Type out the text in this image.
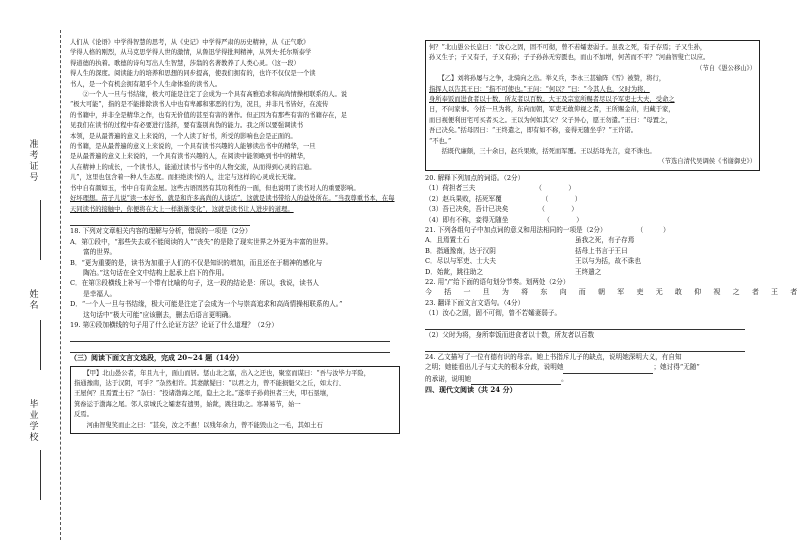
准考证号
姓名
毕业学校

人们从《论语》中学得智慧的思考，从《史记》中学得严肃的历史精神，从《正气歌》

学得人格的刚烈，从马克思学得人世的激情，从鲁迅学得批判精神，从列夫·托尔斯泰学

得道德的执着。歌德的诗句写出人生智慧，莎翁的名著教养了人类心灵。（这一段）

得人生的深度。阅读能力的培养和思想的同步提高，使我们拥有的，也许不仅仅是一个读

书人，是一个有机会拥有超乎个人生命体验的读书人。

　　②一个人一旦与书结缘，极大可能是注定了会成为一个具有高雅追求和高尚情操相联系的人。说

“极大可能”，指的是不能排除读书人中也有卑鄙和邪恶的行为，况且，并非凡书皆好，在流传

的书籍中，并非全是精华之作，也有无价值的甚至有害的著作。但正因为有那些有害的书籍存在，足

见我们在读书的过程中有必要进行选择，要有鉴别真伪的能力。我之所以要强调读书

本领，是从最普遍的意义上来说的，一个人读了好书，所受的影响也会是正面的。

的书籍，是从最普遍的意义上来说的，一个具有读书兴趣的人能够读出书中的精华，一旦

是从最普遍的意义上来说的，一个具有读书兴趣的人，在阅读中能领略到书中的精华，

人在精神上的成长，一个读书人，能通过读书与书中的人物交流，从而得到心灵的启迪。

儿”，这里也包含着一种人生态度。而拒绝读书的人，注定与这样的心灵成长无缘。

书中自有颜如玉，书中自有黄金屋。这些古语固然有其功利性的一面，但也说明了读书对人的重要影响。

好坏理想。苗子儿说“读一本好书，就是和许多高尚的人谈话”，这就是读书带给人的益处所在。“当我尊重书本，在每天同读书的接触中，你便将在大上一样渐渐变化”，这就是读书让人进步的道理。

18. 下列对文章相关内容的理解与分析，错误的一项是（2分）

A．第①段中，“那些失去或不能阅读的人”“丧失”的是除了现实世界之外更为丰富的世界。

　　富的世界。

B．“更为重要的是，读书为加重于人们的不仅是知识的增加，而且还在于精神的感化与

　　陶冶。”这句话在全文中结构上起承上启下的作用。

C．在第③段横线上补写一个带有比喻的句子，这一段的结论是：所以，我说，读书人

　　是幸福人。

D．“一个人一旦与书结缘，极大可能是注定了会成为一个与崇高追求和高尚情操相联系的人。”

　　这句话中“极大可能”应该删去，删去后语言更明确。

19. 第④段加横线的句子用了什么论证方法？论证了什么道理？（2分）

（三）阅读下面文言文选段，完成 20~24 题（14分）

　　【甲】北山愚公者，年且九十，面山而居。惩山北之塞，出入之迂也，聚室而谋曰：“吾与汝毕力平险，

指通豫南，达于汉阴，可乎？”杂然相许。其妻献疑曰：“以君之力，曾不能损魁父之丘，如太行、

王屋何？且焉置土石？”杂曰：“投诸渤海之尾，隐土之北。”遂率子孙荷担者三夫，叩石垦壤，

箕畚运于渤海之尾。邻人京城氏之孀妻有遗男，始龀，跳往助之。寒暑易节，始一

反焉。

　　河曲智叟笑而止之曰：“甚矣，汝之不惠！以残年余力，曾不能毁山之一毛，其如土石

何？”北山愚公长息曰：“汝心之固，固不可彻，曾不若孀妻弱子。虽我之死，有子存焉；子又生孙，

孙又生子；子又有子，子又有孙；子子孙孙无穷匮也，而山不加增，何苦而不平？”河曲智叟亡以应。

（节自《愚公移山》）

　　【乙】刘将孙屡与之争，北骑向之出。举义兵，李永三甚输阵《雪》被赞，将行，

指挥人以告其王曰：“指不可使也。”王问：“何以？”曰：“今其人也，父时为将，

身所奉饭而进食者以十数，所友者以百数。大王及宗室所赐者尽以予军吏士大夫，受命之

日，不问家事。今括一旦为将，东向而朝，军吏无敢仰视之者，王所赐金帛，归藏于家，

而日视便利田宅可买者买之。王以为何如其父？父子异心，愿王勿遣。”王曰：“母置之，

吾已决矣。”括母因曰：“王终遣之，即有如不称，妾得无随坐乎？”王许诺。

“不也。”

　　括既代廉颇，三十余日，赵兵果败，括死而军覆。王以括母先言，竟不诛也。

（节选自清代吴调侯《书谢御史》）

20. 解释下列加点的词语。（2分）

（1）荷担者三夫	（　　　　）

（2）赵兵果败，括死军覆	（　　　　）

（3）吾已决矣，吾计已决矣	（　　　　）

（4）即有不称，妾得无随坐	（　　　　）

21. 下列各组句子中加点词的意义和用法相同的一项是（2分）	（　　　）

A．且焉置土石	虽我之死，有子存焉

B．指通豫南，达于汉阴	括母上书言于王曰

C．尽以与军吏、士大夫	王以与为括，故不诛也

D．始龀，跳往助之	王终遣之

22. 用“/”给下面的语句划分节奏。划两处（2分）

今 括 一 旦 为 将 东 向 而 朝 军 吏 无 敢 仰 视 之 者 王 者

23. 翻译下面文言文语句。（4分）

（1）汝心之固，固不可彻，曾不若孀妻弱子。

（2）父时为将，身所奉饭而进食者以十数，所友者以百数

24. 乙文描写了一位有德有识的母亲。她上书指斥儿子的缺点，说明她深明大义，有自知

之明；她能看出儿子与丈夫的根本分歧，说明她	；她讨得“无随”

的承诺，说明她	。

四、现代文阅读（共 24 分）
